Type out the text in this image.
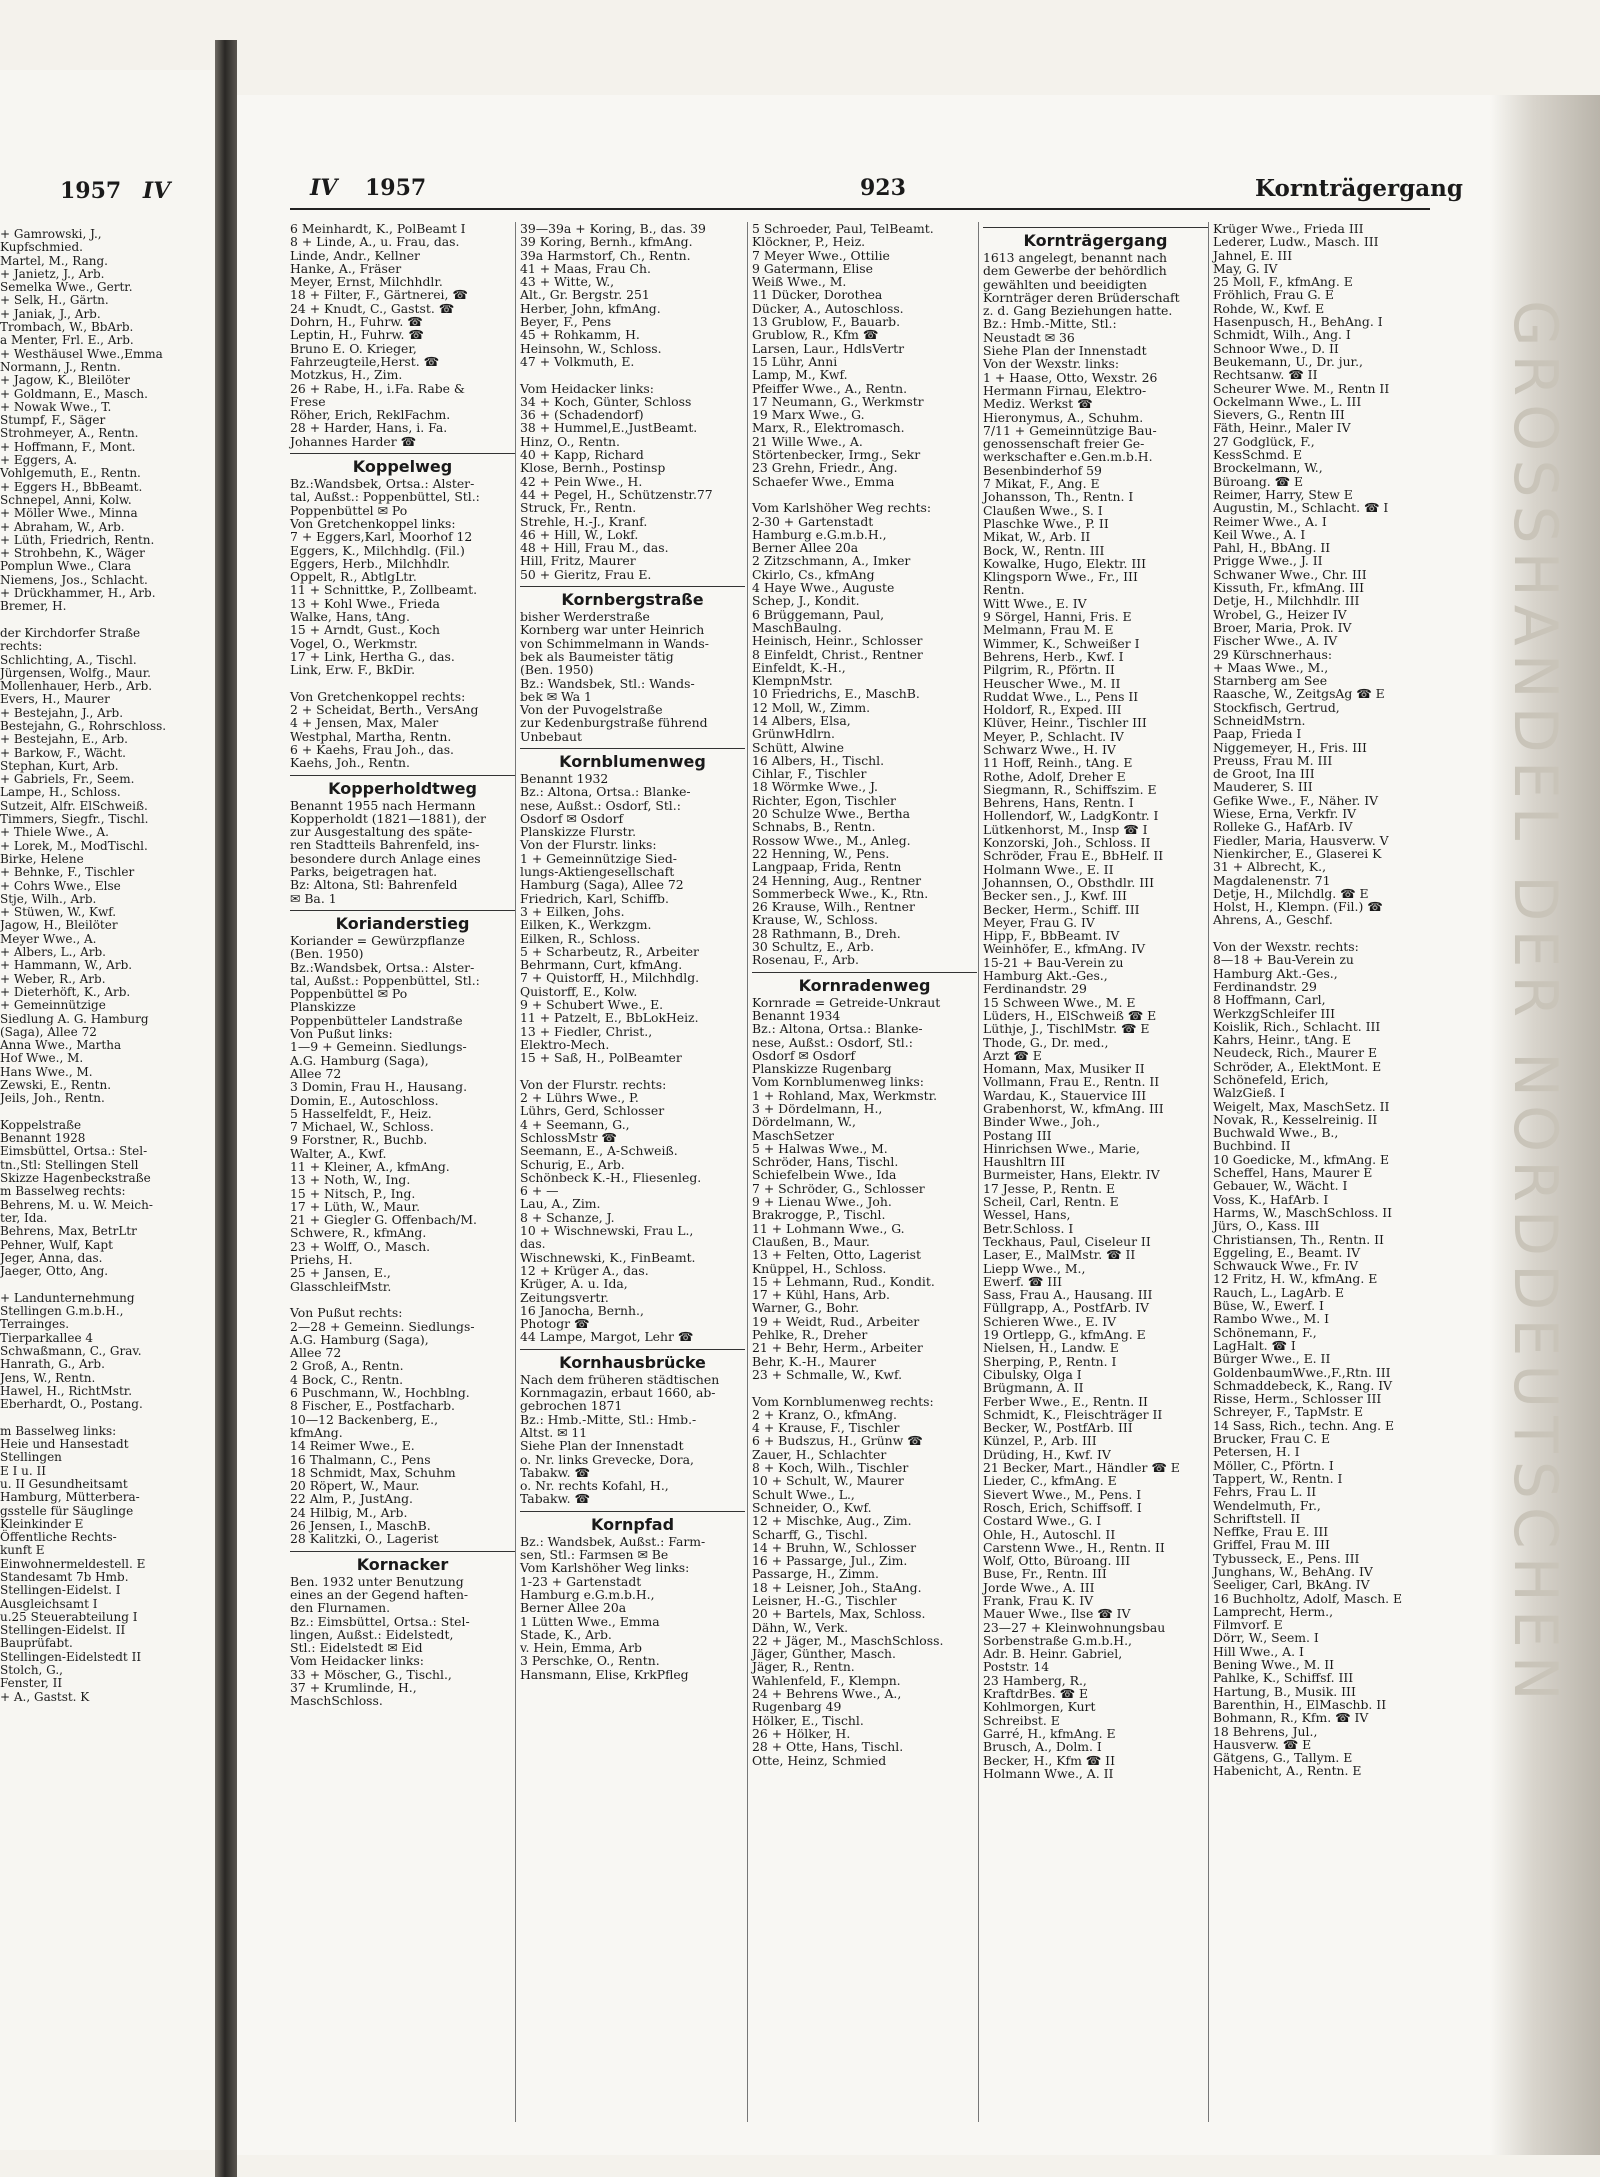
1957 IV
+ Gamrowski, J.,
Kupfschmied.
Martel, M., Rang.
+ Janietz, J., Arb.
Semelka Wwe., Gertr.
+ Selk, H., Gärtn.
+ Janiak, J., Arb.
Trombach, W., BbArb.
a Menter, Frl. E., Arb.
+ Westhäusel Wwe.,Emma
Normann, J., Rentn.
+ Jagow, K., Bleilöter
+ Goldmann, E., Masch.
+ Nowak Wwe., T.
Stumpf, F., Säger
Strohmeyer, A., Rentn.
+ Hoffmann, F., Mont.
+ Eggers, A.
Vohlgemuth, E., Rentn.
+ Eggers H., BbBeamt.
Schnepel, Anni, Kolw.
+ Möller Wwe., Minna
+ Abraham, W., Arb.
+ Lüth, Friedrich, Rentn.
+ Strohbehn, K., Wäger
Pomplun Wwe., Clara
Niemens, Jos., Schlacht.
+ Drückhammer, H., Arb.
Bremer, H.
der Kirchdorfer Straße
rechts:
Schlichting, A., Tischl.
Jürgensen, Wolfg., Maur.
Mollenhauer, Herb., Arb.
Evers, H., Maurer
+ Bestejahn, J., Arb.
Bestejahn, G., Rohrschloss.
+ Bestejahn, E., Arb.
+ Barkow, F., Wächt.
Stephan, Kurt, Arb.
+ Gabriels, Fr., Seem.
Lampe, H., Schloss.
Sutzeit, Alfr. ElSchweiß.
Timmers, Siegfr., Tischl.
+ Thiele Wwe., A.
+ Lorek, M., ModTischl.
Birke, Helene
+ Behnke, F., Tischler
+ Cohrs Wwe., Else
Stje, Wilh., Arb.
+ Stüwen, W., Kwf.
Jagow, H., Bleilöter
Meyer Wwe., A.
+ Albers, L., Arb.
+ Hammann, W., Arb.
+ Weber, R., Arb.
+ Dieterhöft, K., Arb.
+ Gemeinnützige
Siedlung A. G. Hamburg
(Saga), Allee 72
Anna Wwe., Martha
Hof Wwe., M.
Hans Wwe., M.
Zewski, E., Rentn.
Jeils, Joh., Rentn.
Koppelstraße
Benannt 1928
Eimsbüttel, Ortsa.: Stel-
tn.,Stl: Stellingen Stell
Skizze Hagenbeckstraße
m Basselweg rechts:
Behrens, M. u. W. Meich-
ter, Ida.
Behrens, Max, BetrLtr
Pehner, Wulf, Kapt
Jeger, Anna, das.
Jaeger, Otto, Ang.
+ Landunternehmung
Stellingen G.m.b.H.,
Terrainges.
Tierparkallee 4
Schwaßmann, C., Grav.
Hanrath, G., Arb.
Jens, W., Rentn.
Hawel, H., RichtMstr.
Eberhardt, O., Postang.
m Basselweg links:
Heie und Hansestadt
Stellingen
E I u. II
u. II Gesundheitsamt
Hamburg, Mütterbera-
gsstelle für Säuglinge
Kleinkinder E
Öffentliche Rechts-
kunft E
Einwohnermeldestell. E
Standesamt 7b Hmb.
Stellingen-Eidelst. I
Ausgleichsamt I
u.25 Steuerabteilung I
Stellingen-Eidelst. II
Bauprüfabt.
Stellingen-Eidelstedt II
Stolch, G.,
Fenster, II
+ A., Gastst. K
IV 1957	923	Kornträgergang
6 Meinhardt, K., PolBeamt I
8 + Linde, A., u. Frau, das.
Linde, Andr., Kellner
Hanke, A., Fräser
Meyer, Ernst, Milchhdlr.
18 + Filter, F., Gärtnerei, ☎
24 + Knudt, C., Gastst. ☎
Dohrn, H., Fuhrw. ☎
Leptin, H., Fuhrw. ☎
Bruno E. O. Krieger,
Fahrzeugteile,Herst. ☎
Motzkus, H., Zim.
26 + Rabe, H., i.Fa. Rabe &
Frese
Röher, Erich, ReklFachm.
28 + Harder, Hans, i. Fa.
Johannes Harder ☎
Koppelweg
Bz.:Wandsbek, Ortsa.: Alster-
tal, Außst.: Poppenbüttel, Stl.:
Poppenbüttel ✉ Po
Von Gretchenkoppel links:
7 + Eggers,Karl, Moorhof 12
Eggers, K., Milchhdlg. (Fil.)
Eggers, Herb., Milchhdlr.
Oppelt, R., AbtlgLtr.
11 + Schnittke, P., Zollbeamt.
13 + Kohl Wwe., Frieda
Walke, Hans, tAng.
15 + Arndt, Gust., Koch
Vogel, O., Werkmstr.
17 + Link, Hertha G., das.
Link, Erw. F., BkDir.
Von Gretchenkoppel rechts:
2 + Scheidat, Berth., VersAng
4 + Jensen, Max, Maler
Westphal, Martha, Rentn.
6 + Kaehs, Frau Joh., das.
Kaehs, Joh., Rentn.
Kopperholdtweg
Benannt 1955 nach Hermann
Kopperholdt (1821—1881), der
zur Ausgestaltung des späte-
ren Stadtteils Bahrenfeld, ins-
besondere durch Anlage eines
Parks, beigetragen hat.
Bz: Altona, Stl: Bahrenfeld
✉ Ba. 1
Korianderstieg
Koriander = Gewürzpflanze
(Ben. 1950)
Bz.:Wandsbek, Ortsa.: Alster-
tal, Außst.: Poppenbüttel, Stl.:
Poppenbüttel ✉ Po
Planskizze
Poppenbütteler Landstraße
Von Pußut links:
1—9 + Gemeinn. Siedlungs-
A.G. Hamburg (Saga),
Allee 72
3 Domin, Frau H., Hausang.
Domin, E., Autoschloss.
5 Hasselfeldt, F., Heiz.
7 Michael, W., Schloss.
9 Forstner, R., Buchb.
Walter, A., Kwf.
11 + Kleiner, A., kfmAng.
13 + Noth, W., Ing.
15 + Nitsch, P., Ing.
17 + Lüth, W., Maur.
21 + Giegler G. Offenbach/M.
Schwere, R., kfmAng.
23 + Wolff, O., Masch.
Priehs, H.
25 + Jansen, E.,
GlasschleifMstr.
Von Pußut rechts:
2—28 + Gemeinn. Siedlungs-
A.G. Hamburg (Saga),
Allee 72
2 Groß, A., Rentn.
4 Bock, C., Rentn.
6 Puschmann, W., Hochblng.
8 Fischer, E., Postfacharb.
10—12 Backenberg, E.,
kfmAng.
14 Reimer Wwe., E.
16 Thalmann, C., Pens
18 Schmidt, Max, Schuhm
20 Röpert, W., Maur.
22 Alm, P., JustAng.
24 Hilbig, M., Arb.
26 Jensen, I., MaschB.
28 Kalitzki, O., Lagerist
Kornacker
Ben. 1932 unter Benutzung
eines an der Gegend haften-
den Flurnamen.
Bz.: Eimsbüttel, Ortsa.: Stel-
lingen, Außst.: Eidelstedt,
Stl.: Eidelstedt ✉ Eid
Vom Heidacker links:
33 + Möscher, G., Tischl.,
37 + Krumlinde, H.,
MaschSchloss.
39—39a + Koring, B., das. 39
39 Koring, Bernh., kfmAng.
39a Harmstorf, Ch., Rentn.
41 + Maas, Frau Ch.
43 + Witte, W.,
Alt., Gr. Bergstr. 251
Herber, John, kfmAng.
Beyer, F., Pens
45 + Rohkamm, H.
Heinsohn, W., Schloss.
47 + Volkmuth, E.
Vom Heidacker links:
34 + Koch, Günter, Schloss
36 + (Schadendorf)
38 + Hummel,E.,JustBeamt.
Hinz, O., Rentn.
40 + Kapp, Richard
Klose, Bernh., Postinsp
42 + Pein Wwe., H.
44 + Pegel, H., Schützenstr.77
Struck, Fr., Rentn.
Strehle, H.-J., Kranf.
46 + Hill, W., Lokf.
48 + Hill, Frau M., das.
Hill, Fritz, Maurer
50 + Gieritz, Frau E.
Kornbergstraße
bisher Werderstraße
Kornberg war unter Heinrich
von Schimmelmann in Wands-
bek als Baumeister tätig
(Ben. 1950)
Bz.: Wandsbek, Stl.: Wands-
bek ✉ Wa 1
Von der Puvogelstraße
zur Kedenburgstraße führend
Unbebaut
Kornblumenweg
Benannt 1932
Bz.: Altona, Ortsa.: Blanke-
nese, Außst.: Osdorf, Stl.:
Osdorf ✉ Osdorf
Planskizze Flurstr.
Von der Flurstr. links:
1 + Gemeinnützige Sied-
lungs-Aktiengesellschaft
Hamburg (Saga), Allee 72
Friedrich, Karl, Schiffb.
3 + Eilken, Johs.
Eilken, K., Werkzgm.
Eilken, R., Schloss.
5 + Scharbeutz, R., Arbeiter
Behrmann, Curt, kfmAng.
7 + Quistorff, H., Milchhdlg.
Quistorff, E., Kolw.
9 + Schubert Wwe., E.
11 + Patzelt, E., BbLokHeiz.
13 + Fiedler, Christ.,
Elektro-Mech.
15 + Saß, H., PolBeamter
Von der Flurstr. rechts:
2 + Lührs Wwe., P.
Lührs, Gerd, Schlosser
4 + Seemann, G.,
SchlossMstr ☎
Seemann, E., A-Schweiß.
Schurig, E., Arb.
Schönbeck K.-H., Fliesenleg.
6 + —
Lau, A., Zim.
8 + Schanze, J.
10 + Wischnewski, Frau L.,
das.
Wischnewski, K., FinBeamt.
12 + Krüger A., das.
Krüger, A. u. Ida,
Zeitungsvertr.
16 Janocha, Bernh.,
Photogr ☎
44 Lampe, Margot, Lehr ☎
Kornhausbrücke
Nach dem früheren städtischen
Kornmagazin, erbaut 1660, ab-
gebrochen 1871
Bz.: Hmb.-Mitte, Stl.: Hmb.-
Altst. ✉ 11
Siehe Plan der Innenstadt
o. Nr. links Grevecke, Dora,
Tabakw. ☎
o. Nr. rechts Kofahl, H.,
Tabakw. ☎
Kornpfad
Bz.: Wandsbek, Außst.: Farm-
sen, Stl.: Farmsen ✉ Be
Vom Karlshöher Weg links:
1-23 + Gartenstadt
Hamburg e.G.m.b.H.,
Berner Allee 20a
1 Lütten Wwe., Emma
Stade, K., Arb.
v. Hein, Emma, Arb
3 Perschke, O., Rentn.
Hansmann, Elise, KrkPfleg
5 Schroeder, Paul, TelBeamt.
Klöckner, P., Heiz.
7 Meyer Wwe., Ottilie
9 Gatermann, Elise
Weiß Wwe., M.
11 Dücker, Dorothea
Dücker, A., Autoschloss.
13 Grublow, F., Bauarb.
Grublow, R., Kfm ☎
Larsen, Laur., HdlsVertr
15 Lühr, Anni
Lamp, M., Kwf.
Pfeiffer Wwe., A., Rentn.
17 Neumann, G., Werkmstr
19 Marx Wwe., G.
Marx, R., Elektromasch.
21 Wille Wwe., A.
Störtenbecker, Irmg., Sekr
23 Grehn, Friedr., Ang.
Schaefer Wwe., Emma
Vom Karlshöher Weg rechts:
2-30 + Gartenstadt
Hamburg e.G.m.b.H.,
Berner Allee 20a
2 Zitzschmann, A., Imker
Ckirlo, Cs., kfmAng
4 Haye Wwe., Auguste
Schep, J., Kondit.
6 Brüggemann, Paul,
MaschBaulng.
Heinisch, Heinr., Schlosser
8 Einfeldt, Christ., Rentner
Einfeldt, K.-H.,
KlempnMstr.
10 Friedrichs, E., MaschB.
12 Moll, W., Zimm.
14 Albers, Elsa,
GrünwHdlrn.
Schütt, Alwine
16 Albers, H., Tischl.
Cihlar, F., Tischler
18 Wörmke Wwe., J.
Richter, Egon, Tischler
20 Schulze Wwe., Bertha
Schnabs, B., Rentn.
Rossow Wwe., M., Anleg.
22 Henning, W., Pens.
Langpaap, Frida, Rentn
24 Henning, Aug., Rentner
Sommerbeck Wwe., K., Rtn.
26 Krause, Wilh., Rentner
Krause, W., Schloss.
28 Rathmann, B., Dreh.
30 Schultz, E., Arb.
Rosenau, F., Arb.
Kornradenweg
Kornrade = Getreide-Unkraut
Benannt 1934
Bz.: Altona, Ortsa.: Blanke-
nese, Außst.: Osdorf, Stl.:
Osdorf ✉ Osdorf
Planskizze Rugenbarg
Vom Kornblumenweg links:
1 + Rohland, Max, Werkmstr.
3 + Dördelmann, H.,
Dördelmann, W.,
MaschSetzer
5 + Halwas Wwe., M.
Schröder, Hans, Tischl.
Schiefelbein Wwe., Ida
7 + Schröder, G., Schlosser
9 + Lienau Wwe., Joh.
Brakrogge, P., Tischl.
11 + Lohmann Wwe., G.
Claußen, B., Maur.
13 + Felten, Otto, Lagerist
Knüppel, H., Schloss.
15 + Lehmann, Rud., Kondit.
17 + Kühl, Hans, Arb.
Warner, G., Bohr.
19 + Weidt, Rud., Arbeiter
Pehlke, R., Dreher
21 + Behr, Herm., Arbeiter
Behr, K.-H., Maurer
23 + Schmalle, W., Kwf.
Vom Kornblumenweg rechts:
2 + Kranz, O., kfmAng.
4 + Krause, F., Tischler
6 + Budszus, H., Grünw ☎
Zauer, H., Schlachter
8 + Koch, Wilh., Tischler
10 + Schult, W., Maurer
Schult Wwe., L.,
Schneider, O., Kwf.
12 + Mischke, Aug., Zim.
Scharff, G., Tischl.
14 + Bruhn, W., Schlosser
16 + Passarge, Jul., Zim.
Passarge, H., Zimm.
18 + Leisner, Joh., StaAng.
Leisner, H.-G., Tischler
20 + Bartels, Max, Schloss.
Dähn, W., Verk.
22 + Jäger, M., MaschSchloss.
Jäger, Günther, Masch.
Jäger, R., Rentn.
Wahlenfeld, F., Klempn.
24 + Behrens Wwe., A.,
Rugenbarg 49
Hölker, E., Tischl.
26 + Hölker, H.
28 + Otte, Hans, Tischl.
Otte, Heinz, Schmied
Kornträgergang
1613 angelegt, benannt nach
dem Gewerbe der behördlich
gewählten und beeidigten
Kornträger deren Brüderschaft
z. d. Gang Beziehungen hatte.
Bz.: Hmb.-Mitte, Stl.:
Neustadt ✉ 36
Siehe Plan der Innenstadt
Von der Wexstr. links:
1 + Haase, Otto, Wexstr. 26
Hermann Firnau, Elektro-
Mediz. Werkst ☎
Hieronymus, A., Schuhm.
7/11 + Gemeinnützige Bau-
genossenschaft freier Ge-
werkschafter e.Gen.m.b.H.
Besenbinderhof 59
7 Mikat, F., Ang. E
Johansson, Th., Rentn. I
Claußen Wwe., S. I
Plaschke Wwe., P. II
Mikat, W., Arb. II
Bock, W., Rentn. III
Kowalke, Hugo, Elektr. III
Klingsporn Wwe., Fr., III
Rentn.
Witt Wwe., E. IV
9 Sörgel, Hanni, Fris. E
Melmann, Frau M. E
Wimmer, K., Schweißer I
Behrens, Herb., Kwf. I
Pilgrim, R., Pförtn. II
Heuscher Wwe., M. II
Ruddat Wwe., L., Pens II
Holdorf, R., Exped. III
Klüver, Heinr., Tischler III
Meyer, P., Schlacht. IV
Schwarz Wwe., H. IV
11 Hoff, Reinh., tAng. E
Rothe, Adolf, Dreher E
Siegmann, R., Schiffszim. E
Behrens, Hans, Rentn. I
Hollendorf, W., LadgKontr. I
Lütkenhorst, M., Insp ☎ I
Konzorski, Joh., Schloss. II
Schröder, Frau E., BbHelf. II
Holmann Wwe., E. II
Johannsen, O., Obsthdlr. III
Becker sen., J., Kwf. III
Becker, Herm., Schiff. III
Meyer, Frau G. IV
Hipp, F., BbBeamt. IV
Weinhöfer, E., kfmAng. IV
15-21 + Bau-Verein zu
Hamburg Akt.-Ges.,
Ferdinandstr. 29
15 Schween Wwe., M. E
Lüders, H., ElSchweiß ☎ E
Lüthje, J., TischlMstr. ☎ E
Thode, G., Dr. med.,
Arzt ☎ E
Homann, Max, Musiker II
Vollmann, Frau E., Rentn. II
Wardau, K., Stauervice III
Grabenhorst, W., kfmAng. III
Binder Wwe., Joh.,
Postang III
Hinrichsen Wwe., Marie,
Haushltrn III
Burmeister, Hans, Elektr. IV
17 Jesse, P., Rentn. E
Scheil, Carl, Rentn. E
Wessel, Hans,
Betr.Schloss. I
Teckhaus, Paul, Ciseleur II
Laser, E., MalMstr. ☎ II
Liepp Wwe., M.,
Ewerf. ☎ III
Sass, Frau A., Hausang. III
Füllgrapp, A., PostfArb. IV
Schieren Wwe., E. IV
19 Ortlepp, G., kfmAng. E
Nielsen, H., Landw. E
Sherping, P., Rentn. I
Cibulsky, Olga I
Brügmann, A. II
Ferber Wwe., E., Rentn. II
Schmidt, K., Fleischträger II
Becker, W., PostfArb. III
Künzel, P., Arb. III
Drüding, H., Kwf. IV
21 Becker, Mart., Händler ☎ E
Lieder, C., kfmAng. E
Sievert Wwe., M., Pens. I
Rosch, Erich, Schiffsoff. I
Costard Wwe., G. I
Ohle, H., Autoschl. II
Carstenn Wwe., H., Rentn. II
Wolf, Otto, Büroang. III
Buse, Fr., Rentn. III
Jorde Wwe., A. III
Frank, Frau K. IV
Mauer Wwe., Ilse ☎ IV
23—27 + Kleinwohnungsbau
Sorbenstraße G.m.b.H.,
Adr. B. Heinr. Gabriel,
Poststr. 14
23 Hamberg, R.,
KraftdrBes. ☎ E
Kohlmorgen, Kurt
Schreibst. E
Garré, H., kfmAng. E
Brusch, A., Dolm. I
Becker, H., Kfm ☎ II
Holmann Wwe., A. II
Krüger Wwe., Frieda III
Lederer, Ludw., Masch. III
Jahnel, E. III
May, G. IV
25 Moll, F., kfmAng. E
Fröhlich, Frau G. E
Rohde, W., Kwf. E
Hasenpusch, H., BehAng. I
Schmidt, Wilh., Ang. I
Schnoor Wwe., D. II
Beukemann, U., Dr. jur.,
Rechtsanw. ☎ II
Scheurer Wwe. M., Rentn II
Ockelmann Wwe., L. III
Sievers, G., Rentn III
Fäth, Heinr., Maler IV
27 Godglück, F.,
KessSchmd. E
Brockelmann, W.,
Büroang. ☎ E
Reimer, Harry, Stew E
Augustin, M., Schlacht. ☎ I
Reimer Wwe., A. I
Keil Wwe., A. I
Pahl, H., BbAng. II
Prigge Wwe., J. II
Schwaner Wwe., Chr. III
Kissuth, Fr., kfmAng. III
Detje, H., Milchhdlr. III
Wrobel, G., Heizer IV
Broer, Maria, Prok. IV
Fischer Wwe., A. IV
29 Kürschnerhaus:
+ Maas Wwe., M.,
Starnberg am See
Raasche, W., ZeitgsAg ☎ E
Stockfisch, Gertrud,
SchneidMstrn.
Paap, Frieda I
Niggemeyer, H., Fris. III
Preuss, Frau M. III
de Groot, Ina III
Mauderer, S. III
Gefike Wwe., F., Näher. IV
Wiese, Erna, Verkfr. IV
Rolleke G., HafArb. IV
Fiedler, Maria, Hausverw. V
Nienkircher, E., Glaserei K
31 + Albrecht, K.,
Magdalenenstr. 71
Detje, H., Milchdlg. ☎ E
Holst, H., Klempn. (Fil.) ☎
Ahrens, A., Geschf.
Von der Wexstr. rechts:
8—18 + Bau-Verein zu
Hamburg Akt.-Ges.,
Ferdinandstr. 29
8 Hoffmann, Carl,
WerkzgSchleifer III
Koislik, Rich., Schlacht. III
Kahrs, Heinr., tAng. E
Neudeck, Rich., Maurer E
Schröder, A., ElektMont. E
Schönefeld, Erich,
WalzGieß. I
Weigelt, Max, MaschSetz. II
Novak, R., Kesselreinig. II
Buchwald Wwe., B.,
Buchbind. II
10 Goedicke, M., kfmAng. E
Scheffel, Hans, Maurer E
Gebauer, W., Wächt. I
Voss, K., HafArb. I
Harms, W., MaschSchloss. II
Jürs, O., Kass. III
Christiansen, Th., Rentn. II
Eggeling, E., Beamt. IV
Schwauck Wwe., Fr. IV
12 Fritz, H. W., kfmAng. E
Rauch, L., LagArb. E
Büse, W., Ewerf. I
Rambo Wwe., M. I
Schönemann, F.,
LagHalt. ☎ I
Bürger Wwe., E. II
GoldenbaumWwe.,F.,Rtn. III
Schmaddebeck, K., Rang. IV
Risse, Herm., Schlosser III
Schreyer, F., TapMstr. E
14 Sass, Rich., techn. Ang. E
Brucker, Frau C. E
Petersen, H. I
Möller, C., Pförtn. I
Tappert, W., Rentn. I
Fehrs, Frau L. II
Wendelmuth, Fr.,
Schriftstell. II
Neffke, Frau E. III
Griffel, Frau M. III
Tybusseck, E., Pens. III
Junghans, W., BehAng. IV
Seeliger, Carl, BkAng. IV
16 Buchholtz, Adolf, Masch. E
Lamprecht, Herm.,
Filmvorf. E
Dörr, W., Seem. I
Hill Wwe., A. I
Bening Wwe., M. II
Pahlke, K., Schiffsf. III
Hartung, B., Musik. III
Barenthin, H., ElMaschb. II
Bohmann, R., Kfm. ☎ IV
18 Behrens, Jul.,
Hausverw. ☎ E
Gätgens, G., Tallym. E
Habenicht, A., Rentn. E
GROSSHANDEL DER NORDDEUTSCHEN
